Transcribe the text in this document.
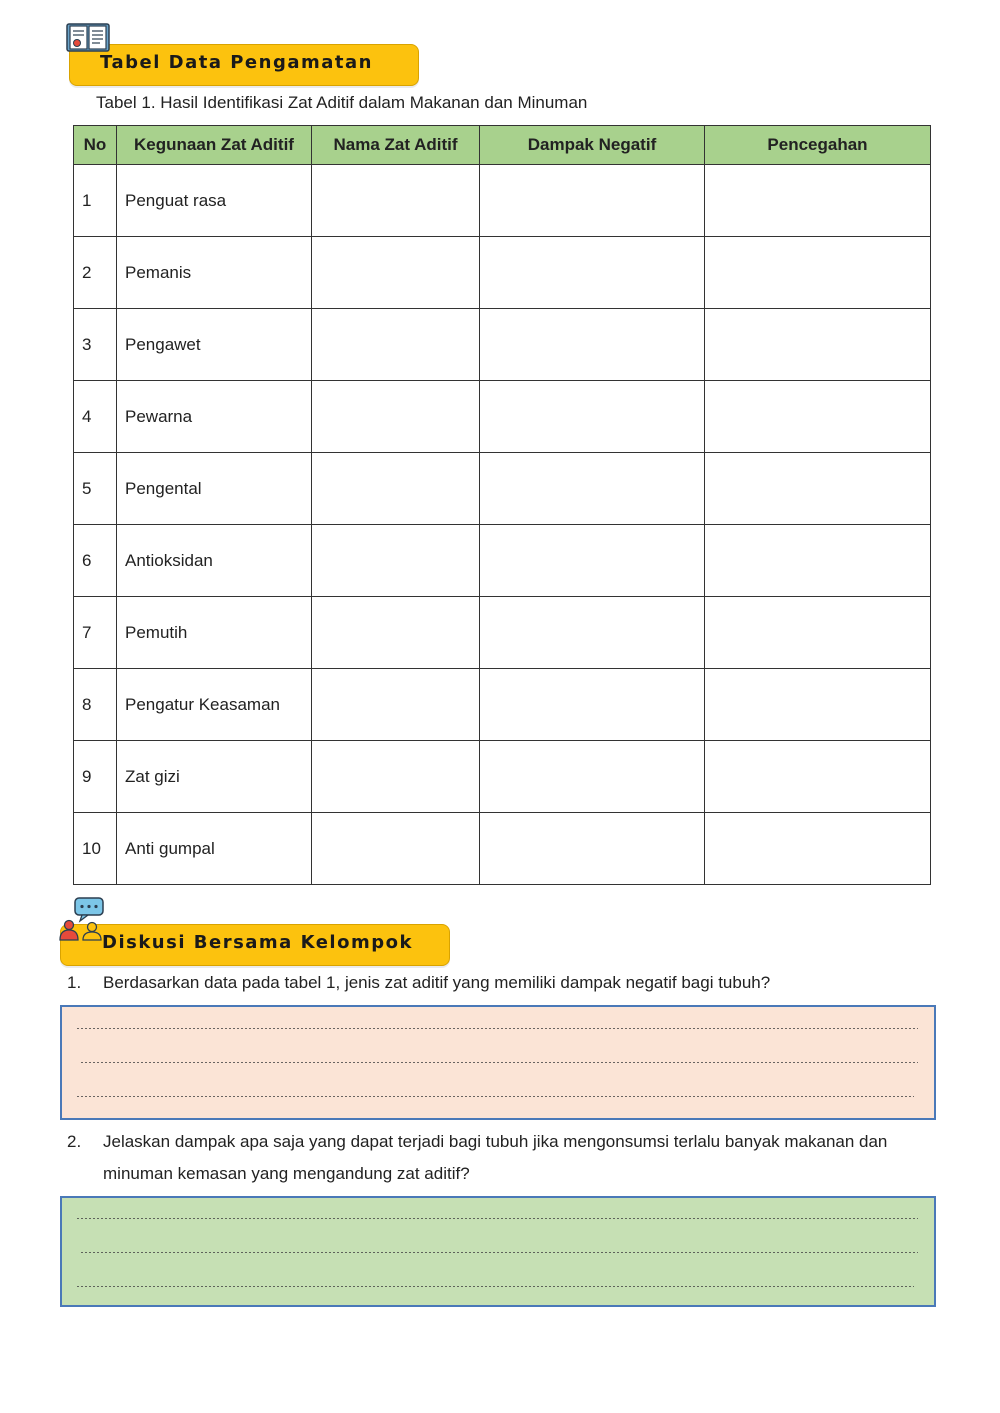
Tabel Data Pengamatan
Tabel 1. Hasil Identifikasi Zat Aditif dalam Makanan dan Minuman
No	Kegunaan Zat Aditif	Nama Zat Aditif	Dampak Negatif	Pencegahan
1	Penguat rasa			
2	Pemanis			
3	Pengawet			
4	Pewarna			
5	Pengental			
6	Antioksidan			
7	Pemutih			
8	Pengatur Keasaman			
9	Zat gizi			
10	Anti gumpal			
Diskusi Bersama Kelompok
1. Berdasarkan data pada tabel 1, jenis zat aditif yang memiliki dampak negatif bagi tubuh?
2. Jelaskan dampak apa saja yang dapat terjadi bagi tubuh jika mengonsumsi terlalu banyak makanan dan minuman kemasan yang mengandung zat aditif?
